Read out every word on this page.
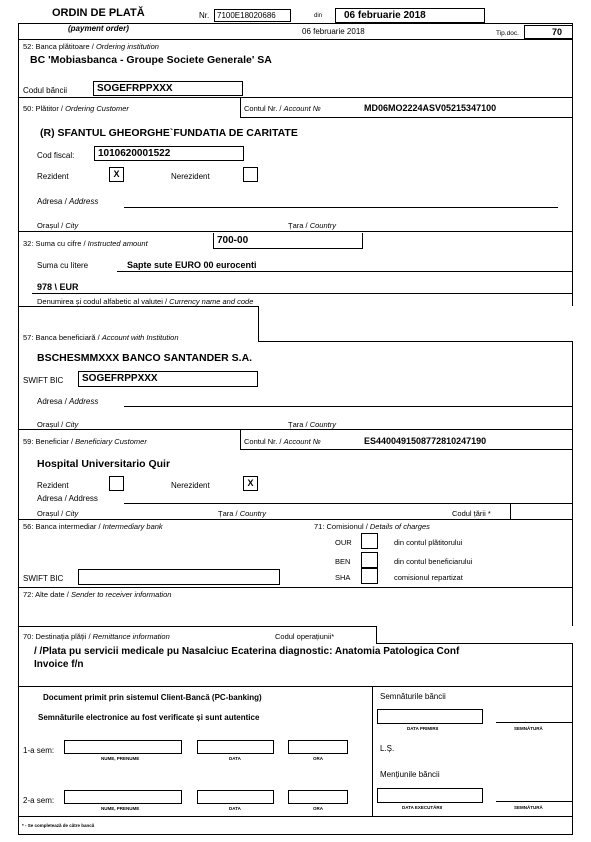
ORDIN DE PLATĂ
(payment order)
Nr. 7100E18020686	din 06 februarie 2018
06 februarie 2018	Tip.doc.	70
52: Banca plătitoare / Ordering institution
BC 'Mobiasbanca - Groupe Societe Generale' SA
Codul băncii	SOGEFRPPXXX
50: Plătitor / Ordering Customer	Contul Nr. / Account №	MD06MO2224ASV05215347100
(R) SFANTUL GHEORGHE`FUNDATIA DE CARITATE
Cod fiscal: 1010620001522
Rezident	X	Nerezident
Adresa / Address
Orașul / City	Țara / Country
32: Suma cu cifre / Instructed amount	700-00
Suma cu litere	Sapte sute EURO 00 eurocenti
978 \ EUR
Denumirea și codul alfabetic al valutei / Currency name and code
57: Banca beneficiară / Account with Institution
BSCHESMMXXX BANCO SANTANDER S.A.
SWIFT BIC SOGEFRPPXXX
Adresa / Address
Orașul / City	Țara / Country
59: Beneficiar / Beneficiary Customer	Contul Nr. / Account №	ES4400491508772810247190
Hospital Universitario Quir
Rezident	Nerezident	X
Adresa / Address
Orașul / City	Țara / Country	Codul țării *
56: Banca intermediar / Intermediary bank	71: Comisionul / Details of charges
OUR	din contul plătitorului
BEN	din contul beneficiarului
SHA	comisionul repartizat
SWIFT BIC
72: Alte date / Sender to receiver information
70: Destinația plății / Remittance information	Codul operațiunii*
/ /Plata pu servicii medicale pu Nasalciuc Ecaterina diagnostic: Anatomia Patologica Conf
Invoice f/n
Document primit prin sistemul Client-Bancă (PC-banking)
Semnăturile electronice au fost verificate și sunt autentice
1-a sem:
NUME, PRENUME	DATA	ORA
2-a sem:
NUME, PRENUME	DATA	ORA
Semnăturile băncii
DATA PRIMIRII	SEMNĂTURĂ
L.Ș.
Mențiunile băncii
DATA EXECUTĂRII	SEMNĂTURĂ
* - Se completează de către bancă
